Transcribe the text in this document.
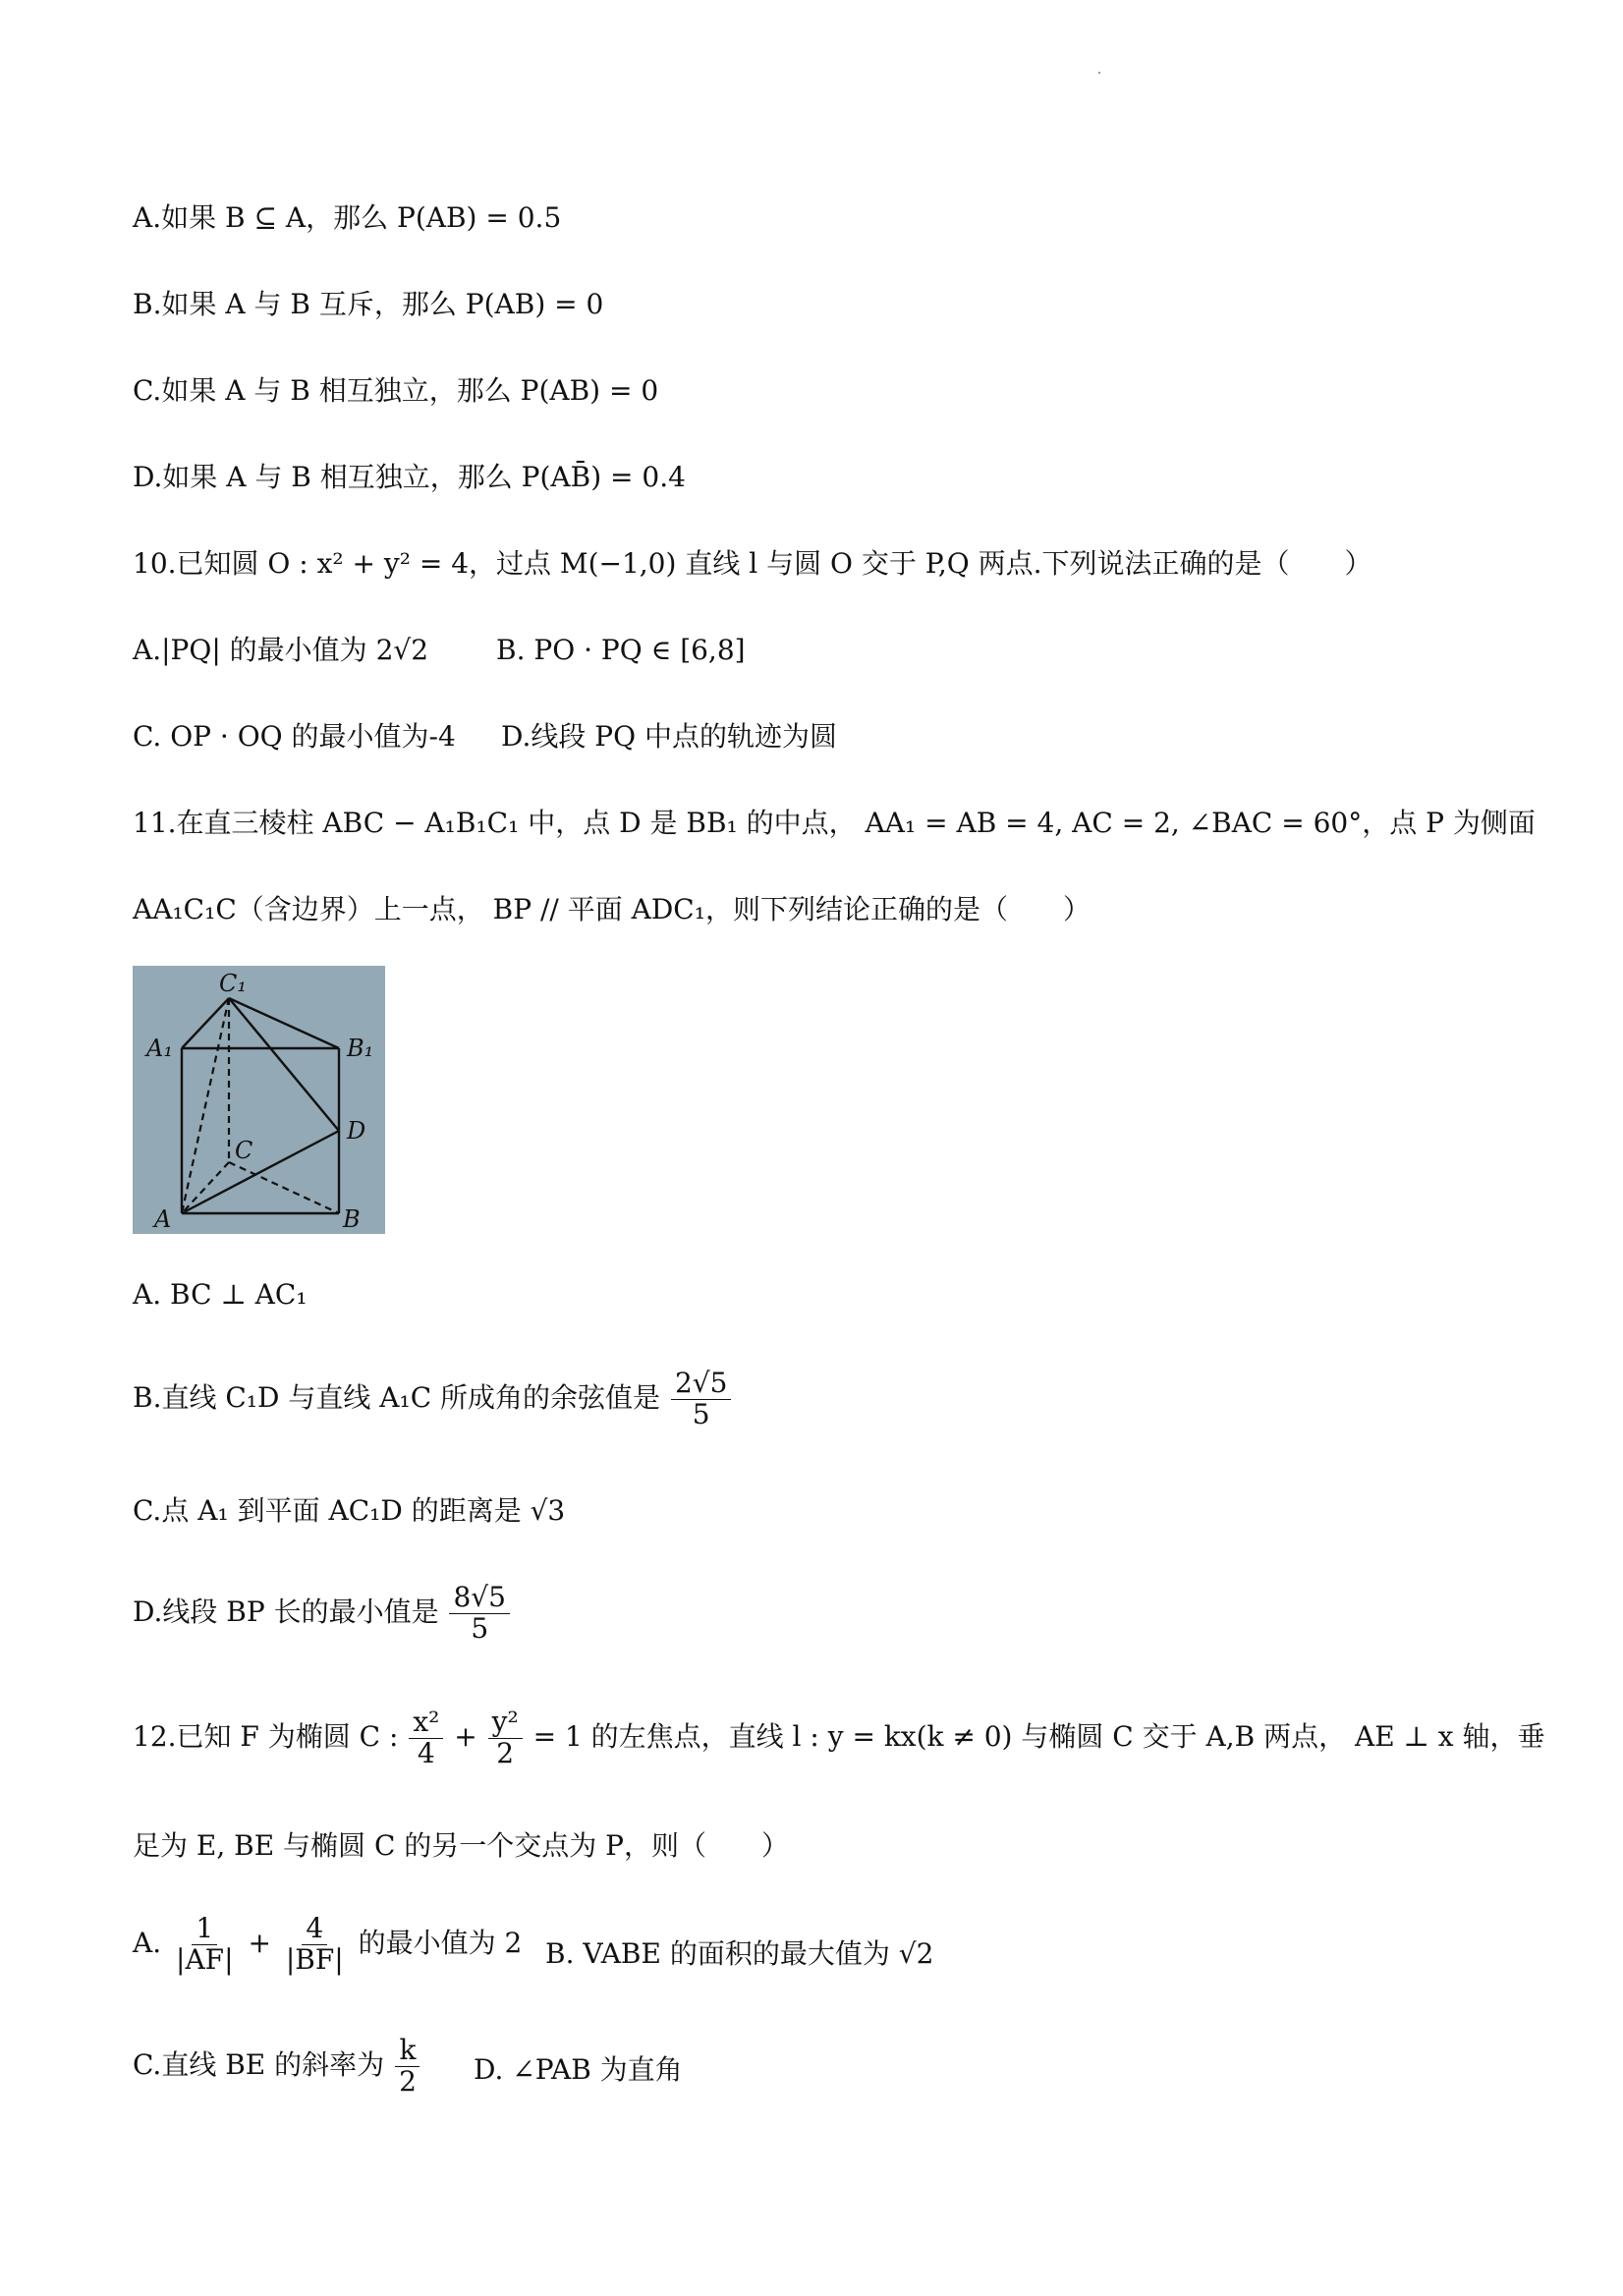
A.如果 B ⊆ A，那么 P(AB) = 0.5
B.如果 A 与 B 互斥，那么 P(AB) = 0
C.如果 A 与 B 相互独立，那么 P(AB) = 0
D.如果 A 与 B 相互独立，那么 P(AB̄) = 0.4
10.已知圆 O : x² + y² = 4，过点 M(−1,0) 直线 l 与圆 O 交于 P,Q 两点.下列说法正确的是（　　）
A.|PQ| 的最小值为 2√2 B. PO · PQ ∈ [6,8]
C. OP · OQ 的最小值为-4 D.线段 PQ 中点的轨迹为圆
11.在直三棱柱 ABC − A₁B₁C₁ 中，点 D 是 BB₁ 的中点， AA₁ = AB = 4, AC = 2, ∠BAC = 60°，点 P 为侧面
AA₁C₁C（含边界）上一点， BP // 平面 ADC₁，则下列结论正确的是（　　）
C₁
A₁	B₁
D
C
A	B
A. BC ⊥ AC₁
B.直线 C₁D 与直线 A₁C 所成角的余弦值是 $\frac{2√5}{5}$
C.点 A₁ 到平面 AC₁D 的距离是 √3
D.线段 BP 长的最小值是 $\frac{8√5}{5}$
12.已知 F 为椭圆 C : $\frac{\text{x²}}{4} + \frac{\text{y²}}{2} = 1$ 的左焦点，直线 l : y = kx(k ≠ 0) 与椭圆 C 交于 A,B 两点， AE ⊥ x 轴，垂
足为 E, BE 与椭圆 C 的另一个交点为 P，则（　　）
A. $\frac{1}{|AF|} + \frac{4}{|BF|}$ 的最小值为 2 B. VABE 的面积的最大值为 √2
C.直线 BE 的斜率为 $\frac{k}{2} D$. ∠PAB 为直角
